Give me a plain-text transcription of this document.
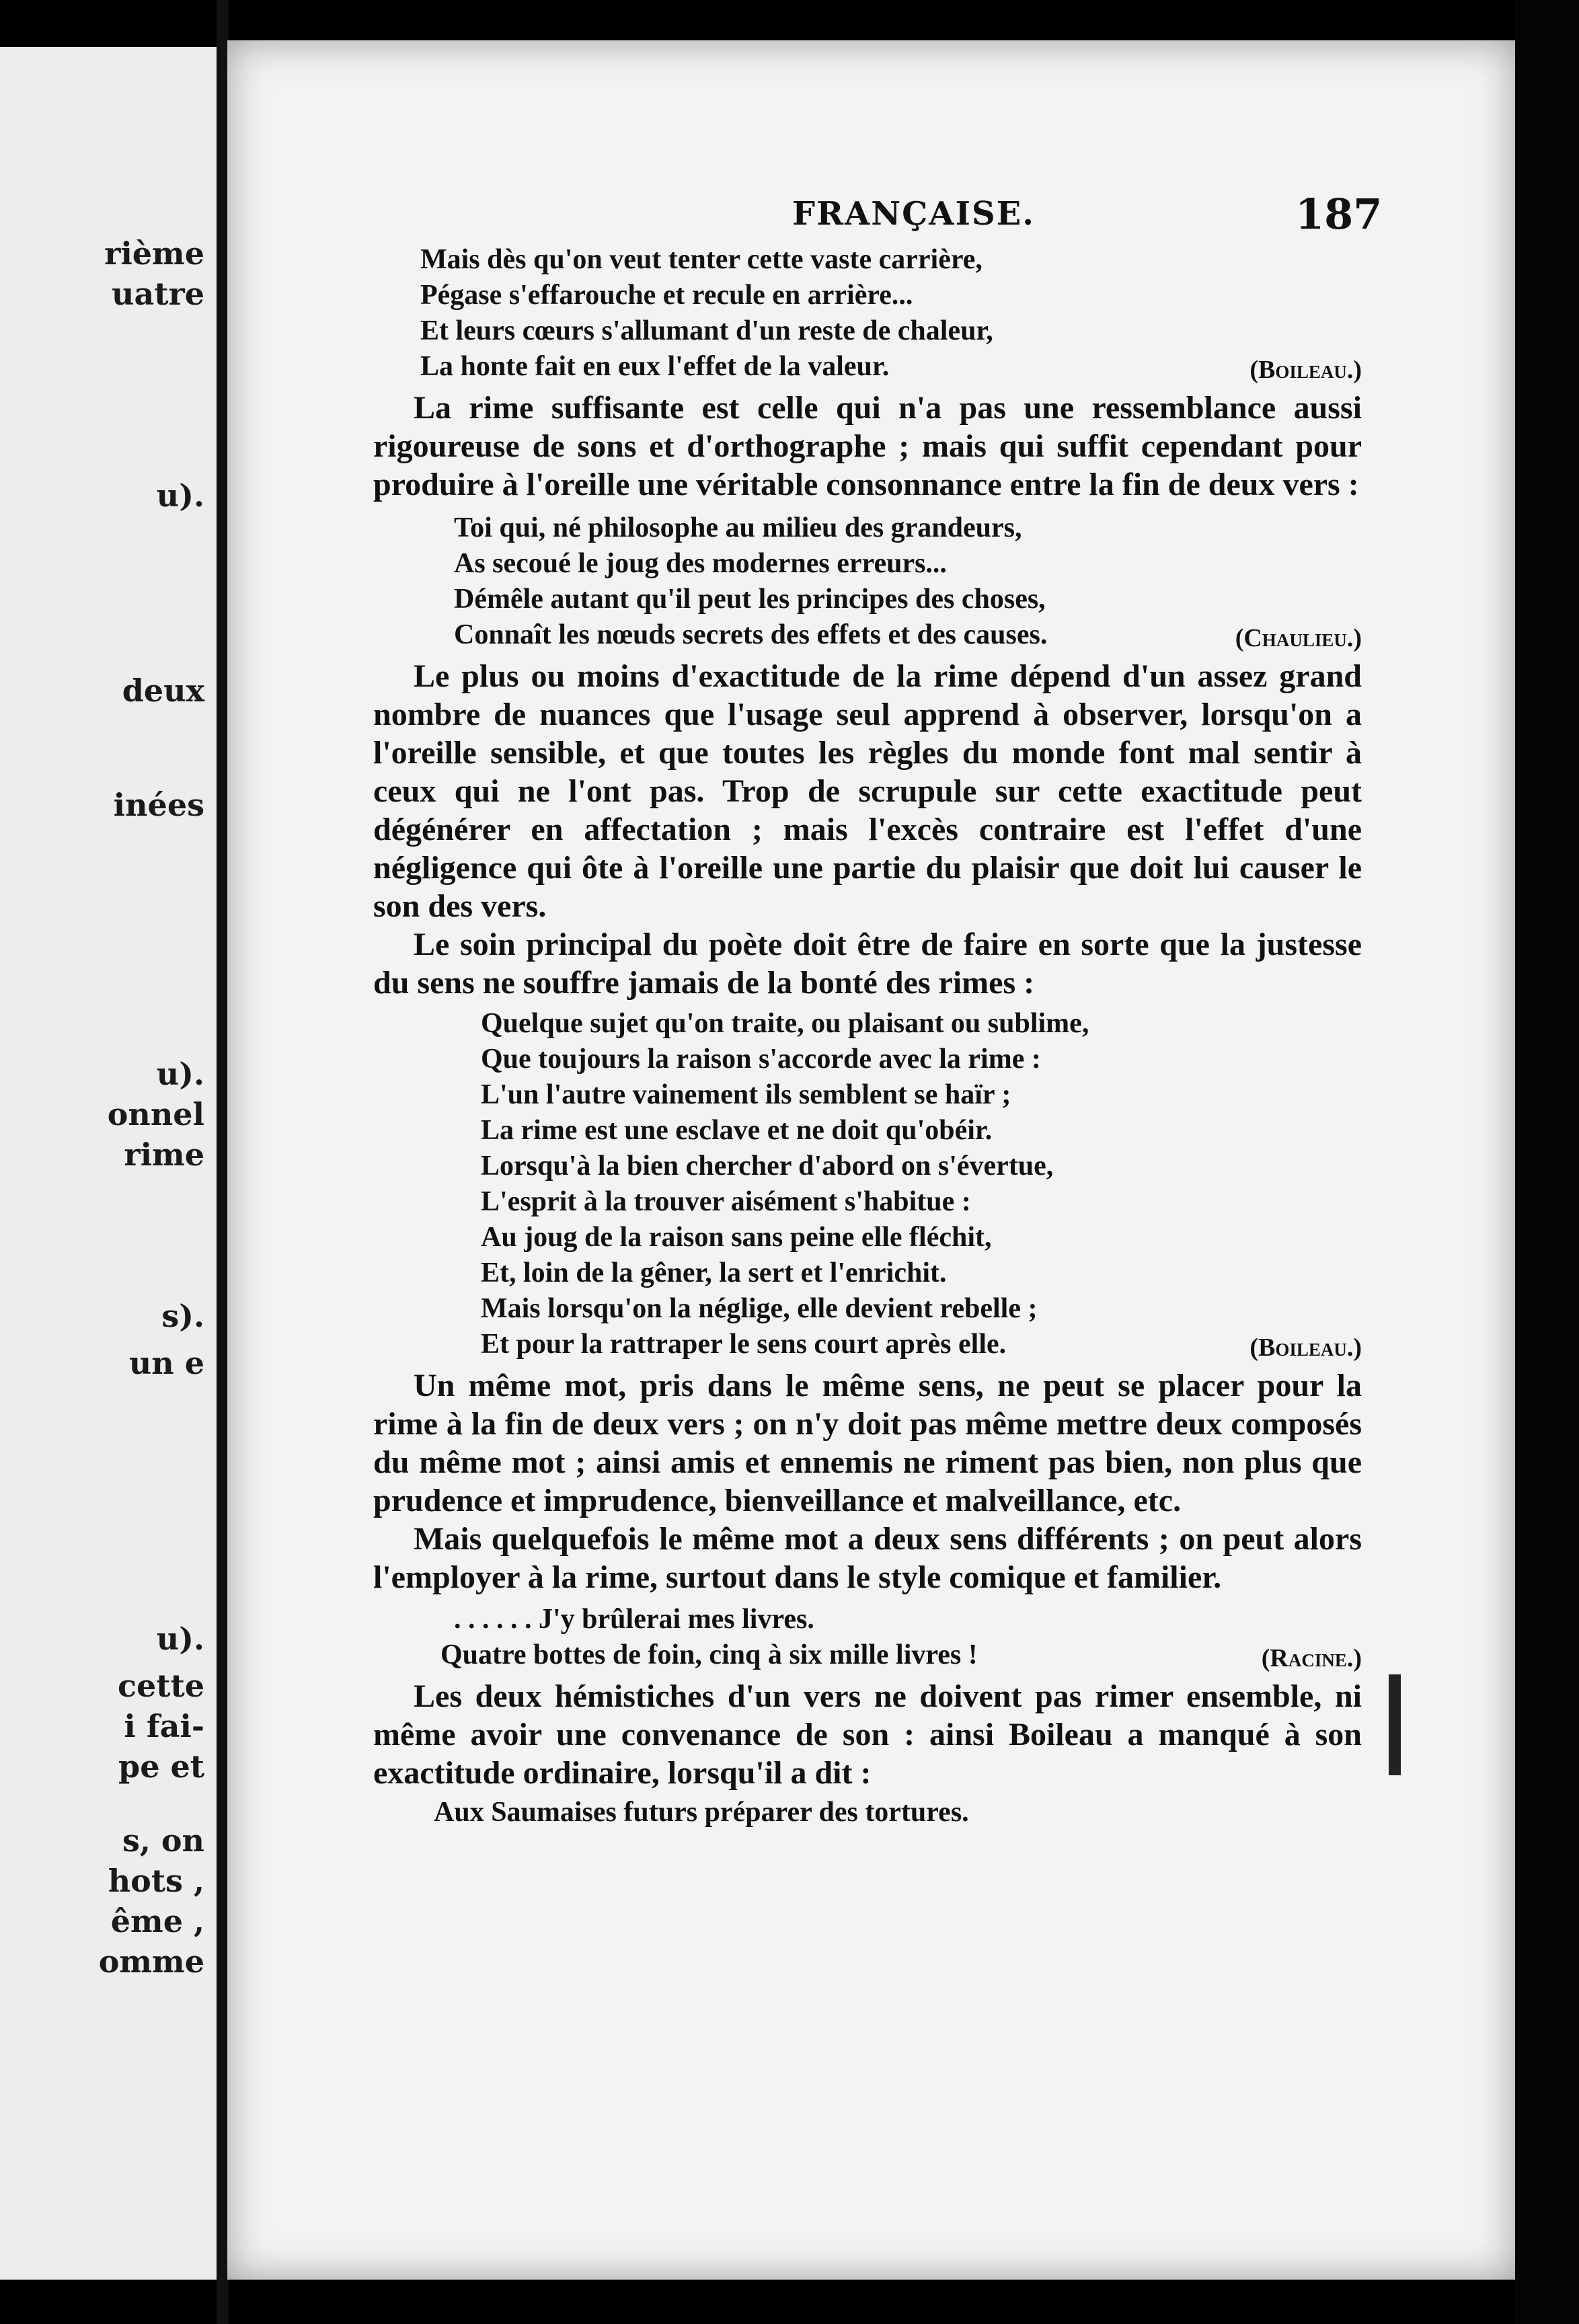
rième
uatre
u).
deux
inées
u).
onnel
rime
s).
un e
u).
cette
i fai-
pe et
s, on
hots ,
ême ,
omme
FRANÇAISE.	187
Mais dès qu'on veut tenter cette vaste carrière,
Pégase s'effarouche et recule en arrière...
Et leurs cœurs s'allumant d'un reste de chaleur,
La honte fait en eux l'effet de la valeur.	(Boileau.)

La rime suffisante est celle qui n'a pas une ressemblance aussi rigoureuse de sons et d'orthographe ; mais qui suffit cependant pour produire à l'oreille une véritable consonnance entre la fin de deux vers :

Toi qui, né philosophe au milieu des grandeurs,
As secoué le joug des modernes erreurs...
Démêle autant qu'il peut les principes des choses,
Connaît les nœuds secrets des effets et des causes.	(Chaulieu.)

Le plus ou moins d'exactitude de la rime dépend d'un assez grand nombre de nuances que l'usage seul apprend à observer, lorsqu'on a l'oreille sensible, et que toutes les règles du monde font mal sentir à ceux qui ne l'ont pas. Trop de scrupule sur cette exactitude peut dégénérer en affectation ; mais l'excès contraire est l'effet d'une négligence qui ôte à l'oreille une partie du plaisir que doit lui causer le son des vers.

Le soin principal du poète doit être de faire en sorte que la justesse du sens ne souffre jamais de la bonté des rimes :

Quelque sujet qu'on traite, ou plaisant ou sublime,
Que toujours la raison s'accorde avec la rime :
L'un l'autre vainement ils semblent se haïr ;
La rime est une esclave et ne doit qu'obéir.
Lorsqu'à la bien chercher d'abord on s'évertue,
L'esprit à la trouver aisément s'habitue :
Au joug de la raison sans peine elle fléchit,
Et, loin de la gêner, la sert et l'enrichit.
Mais lorsqu'on la néglige, elle devient rebelle ;
Et pour la rattraper le sens court après elle.	(Boileau.)

Un même mot, pris dans le même sens, ne peut se placer pour la rime à la fin de deux vers ; on n'y doit pas même mettre deux composés du même mot ; ainsi amis et ennemis ne riment pas bien, non plus que prudence et imprudence, bienveillance et malveillance, etc.

Mais quelquefois le même mot a deux sens différents ; on peut alors l'employer à la rime, surtout dans le style comique et familier.

. . . . . . J'y brûlerai mes livres.
Quatre bottes de foin, cinq à six mille livres !	(Racine.)

Les deux hémistiches d'un vers ne doivent pas rimer ensemble, ni même avoir une convenance de son : ainsi Boileau a manqué à son exactitude ordinaire, lorsqu'il a dit :

Aux Saumaises futurs préparer des tortures.
